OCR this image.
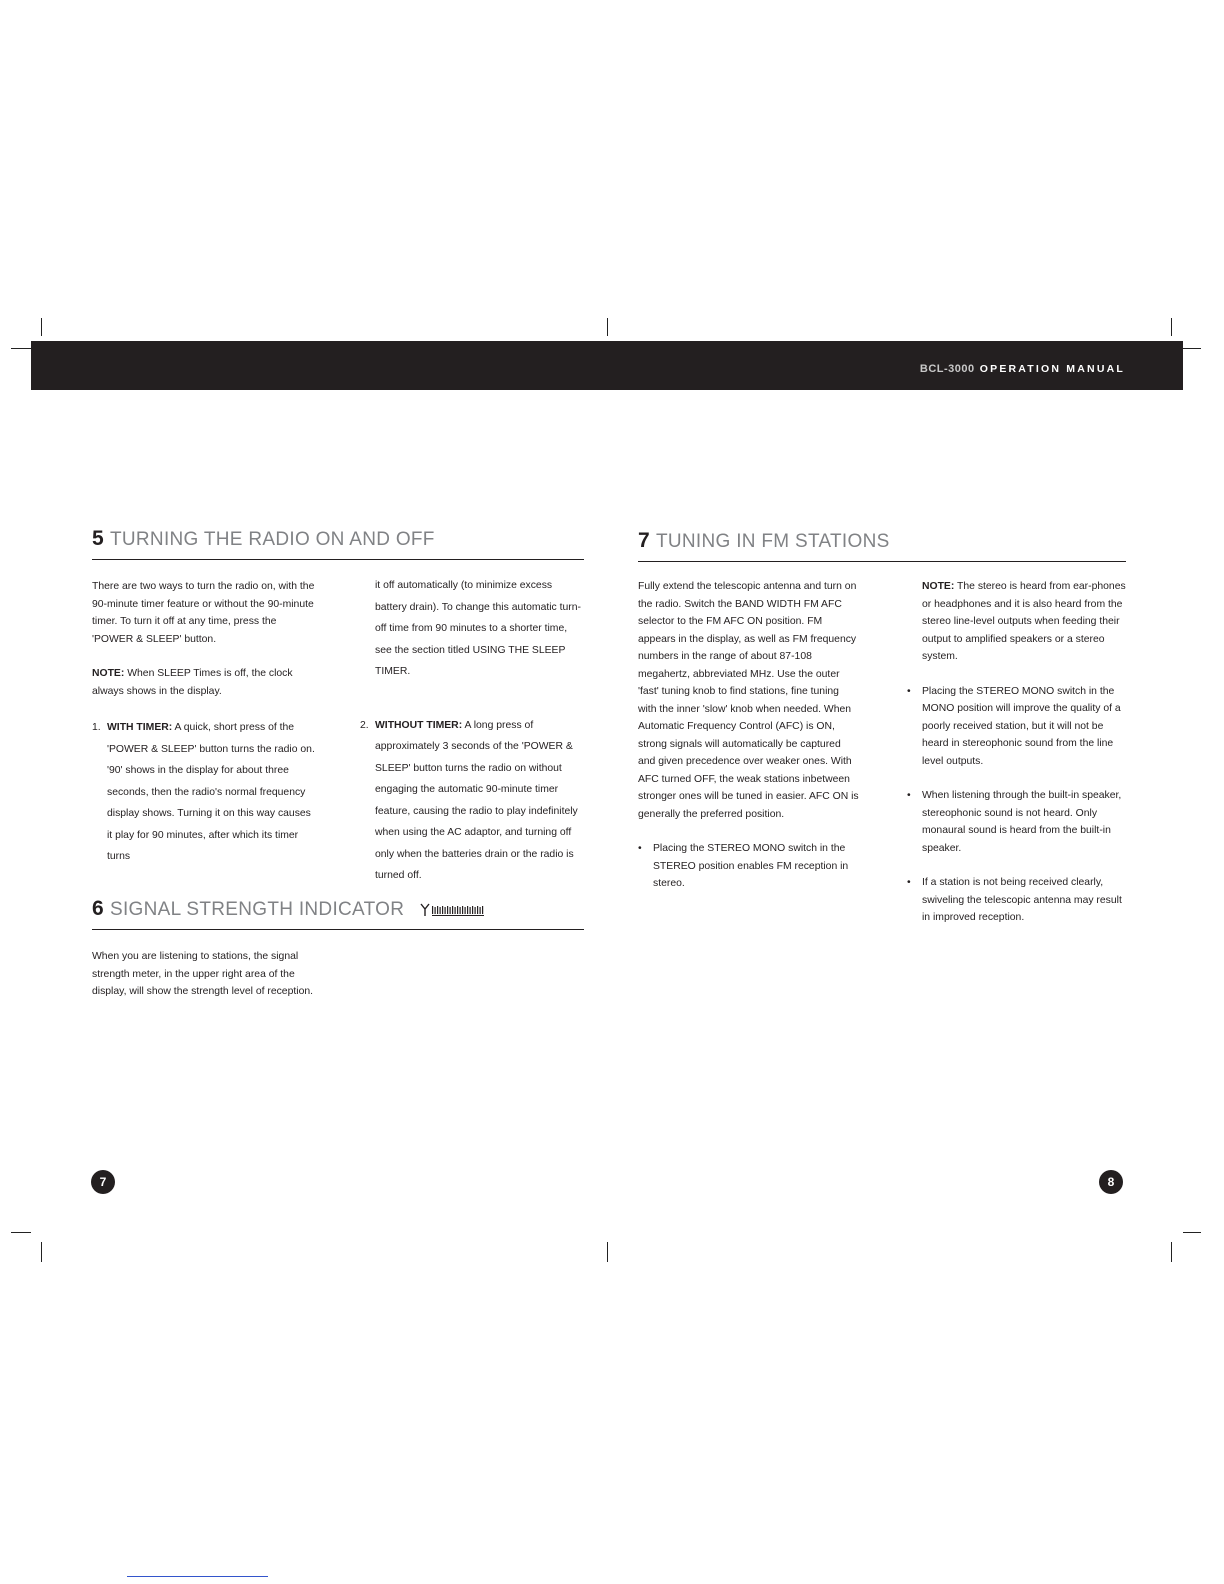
BCL-3000 OPERATION MANUAL
5 TURNING THE RADIO ON AND OFF

There are two ways to turn the radio on, with the 90-minute timer feature or without the 90-minute timer. To turn it off at any time, press the 'POWER & SLEEP' button.

NOTE: When SLEEP Times is off, the clock always shows in the display.

1. WITH TIMER: A quick, short press of the 'POWER & SLEEP' button turns the radio on. '90' shows in the display for about three seconds, then the radio's normal frequency display shows. Turning it on this way causes it play for 90 minutes, after which its timer turns
it off automatically (to minimize excess battery drain). To change this automatic turn-off time from 90 minutes to a shorter time, see the section titled USING THE SLEEP TIMER.
2. WITHOUT TIMER: A long press of approximately 3 seconds of the 'POWER & SLEEP' button turns the radio on without engaging the automatic 90-minute timer feature, causing the radio to play indefinitely when using the AC adaptor, and turning off only when the batteries drain or the radio is turned off.
6 SIGNAL STRENGTH INDICATOR

When you are listening to stations, the signal strength meter, in the upper right area of the display, will show the strength level of reception.

7 TUNING IN FM STATIONS

Fully extend the telescopic antenna and turn on the radio. Switch the BAND WIDTH FM AFC selector to the FM AFC ON position. FM appears in the display, as well as FM frequency numbers in the range of about 87-108 megahertz, abbreviated MHz. Use the outer 'fast' tuning knob to find stations, fine tuning with the inner 'slow' knob when needed. When Automatic Frequency Control (AFC) is ON, strong signals will automatically be captured and given precedence over weaker ones. With AFC turned OFF, the weak stations inbetween stronger ones will be tuned in easier. AFC ON is generally the preferred position.

• Placing the STEREO MONO switch in the STEREO position enables FM reception in stereo.

NOTE: The stereo is heard from ear-phones or headphones and it is also heard from the stereo line-level outputs when feeding their output to amplified speakers or a stereo system.

• Placing the STEREO MONO switch in the MONO position will improve the quality of a poorly received station, but it will not be heard in stereophonic sound from the line level outputs.
• When listening through the built-in speaker, stereophonic sound is not heard. Only monaural sound is heard from the built-in speaker.
• If a station is not being received clearly, swiveling the telescopic antenna may result in improved reception.
7	8
